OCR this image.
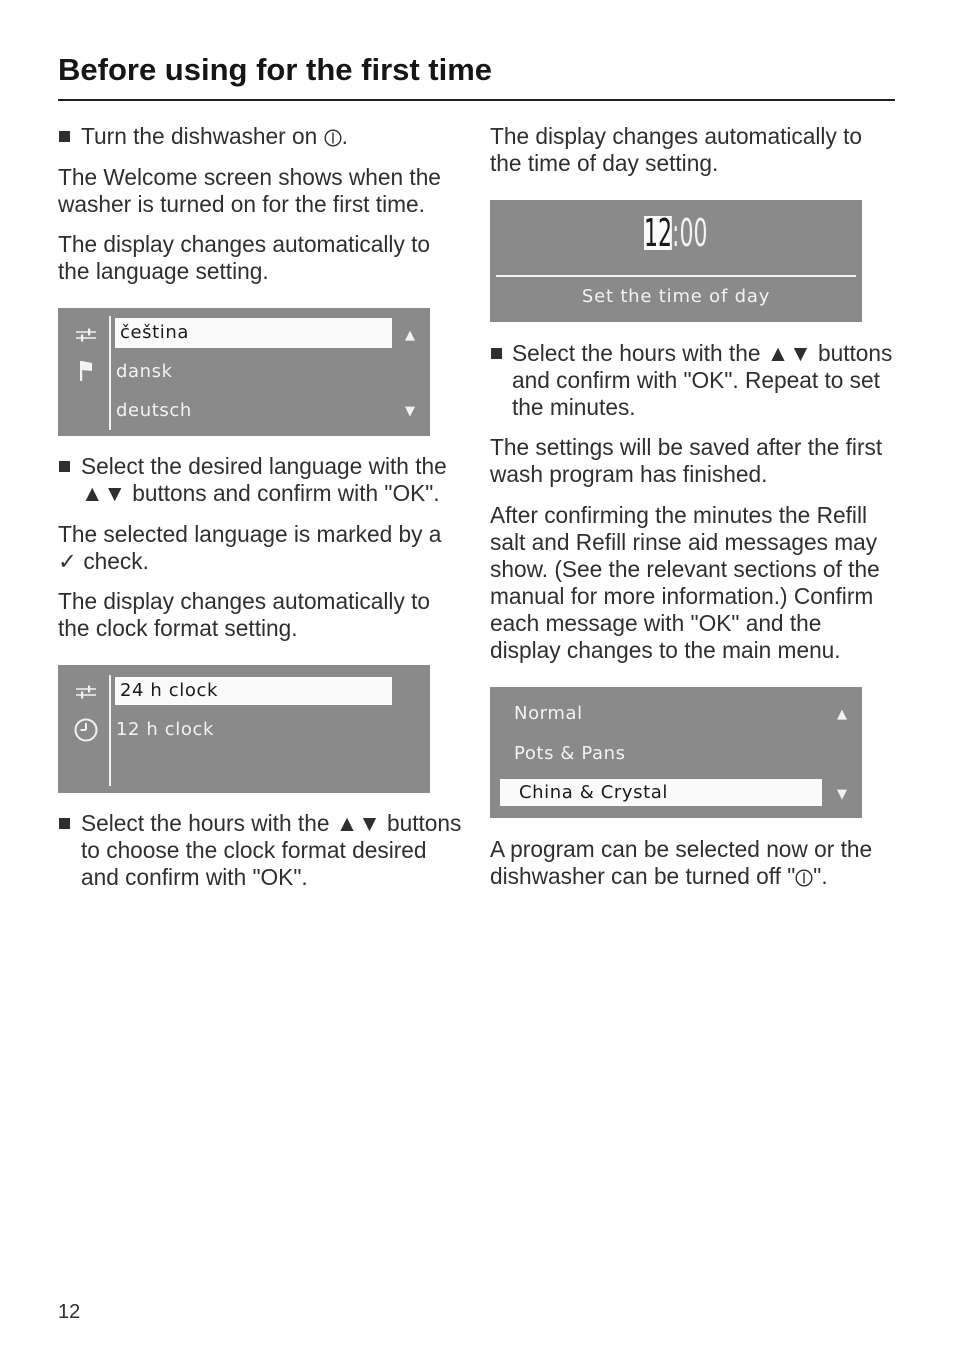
Before using for the first time
Turn the dishwasher on .
The Welcome screen shows when the
washer is turned on for the first time.
The display changes automatically to
the language setting.
čeština
dansk
deutsch
▲
▼
Select the desired language with the
▲▼ buttons and confirm with "OK".
The selected language is marked by a
✓ check.
The display changes automatically to
the clock format setting.
24 h clock
12 h clock
Select the hours with the ▲▼ buttons
to choose the clock format desired
and confirm with "OK".
The display changes automatically to
the time of day setting.
12:00
Set the time of day
Select the hours with the ▲▼ buttons
and confirm with "OK". Repeat to set
the minutes.
The settings will be saved after the first
wash program has finished.
After confirming the minutes the Refill
salt and Refill rinse aid messages may
show. (See the relevant sections of the
manual for more information.) Confirm
each message with "OK" and the
display changes to the main menu.
Normal
Pots & Pans
China & Crystal
▲
▼
A program can be selected now or the
dishwasher can be turned off " ".
12
